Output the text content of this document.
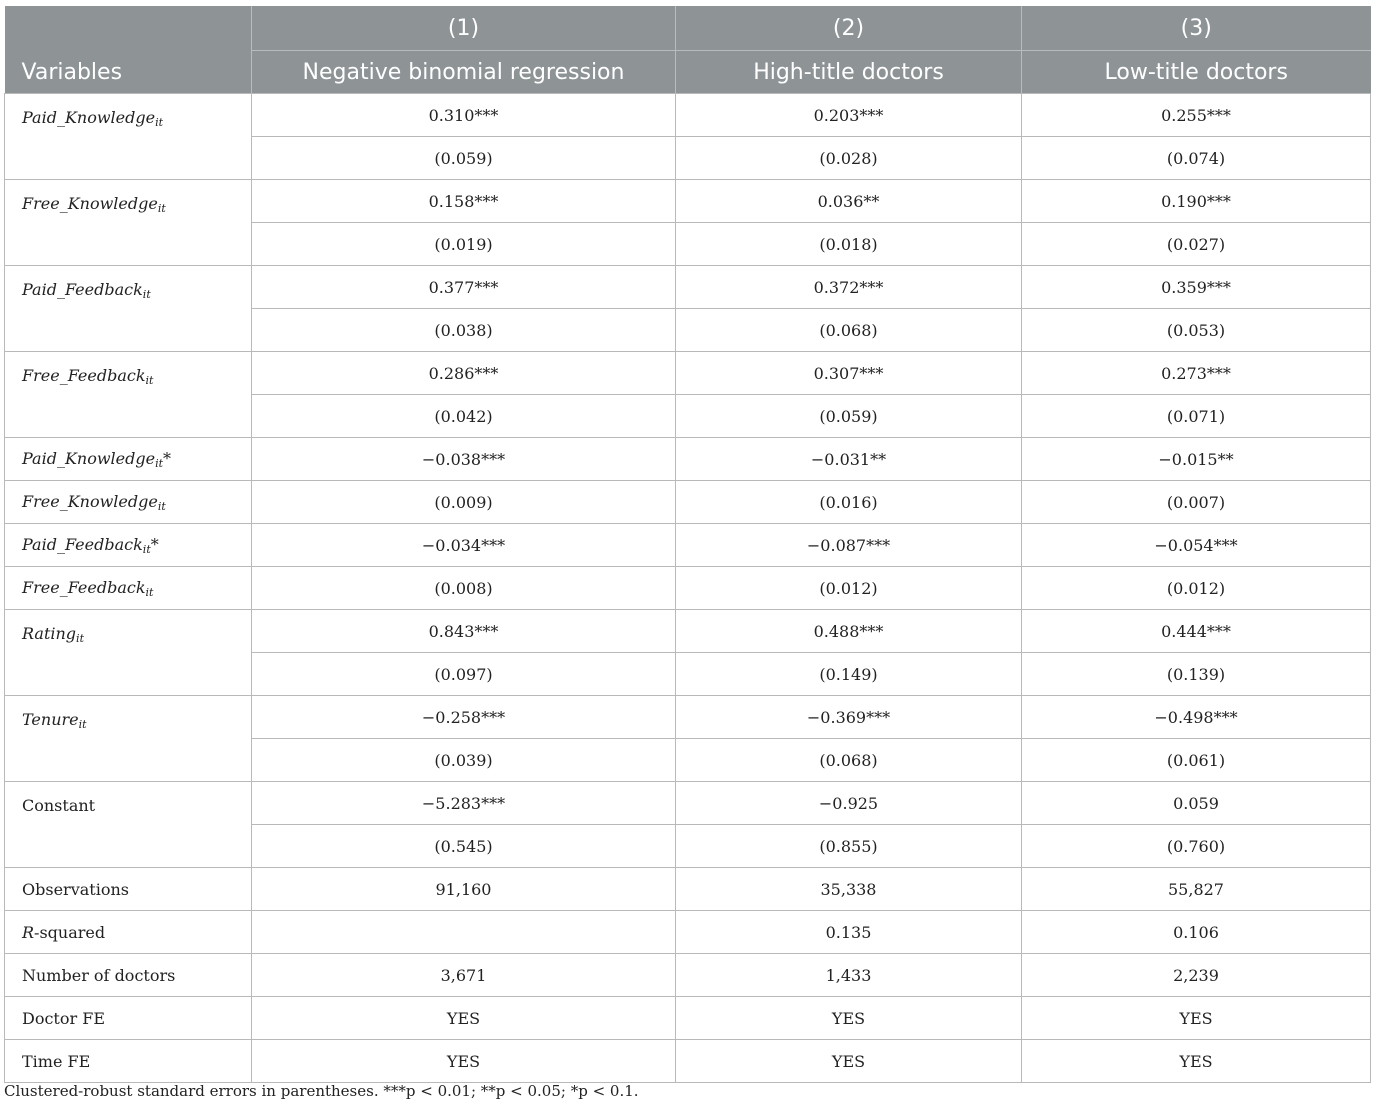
Variables	(1)	(2)	(3)
	Negative binomial regression	High-title doctors	Low-title doctors
Paid_Knowledge$_{it}$	0.310***	0.203***	0.255***
	(0.059)	(0.028)	(0.074)
Free_Knowledge$_{it}$	0.158***	0.036**	0.190***
	(0.019)	(0.018)	(0.027)
Paid_Feedback$_{it}$	0.377***	0.372***	0.359***
	(0.038)	(0.068)	(0.053)
Free_Feedback$_{it}$	0.286***	0.307***	0.273***
	(0.042)	(0.059)	(0.071)
Paid_Knowledge$_{it}$*	−0.038***	−0.031**	−0.015**
Free_Knowledge$_{it}$	(0.009)	(0.016)	(0.007)
Paid_Feedback$_{it}$*	−0.034***	−0.087***	−0.054***
Free_Feedback$_{it}$	(0.008)	(0.012)	(0.012)
Rating$_{it}$	0.843***	0.488***	0.444***
	(0.097)	(0.149)	(0.139)
Tenure$_{it}$	−0.258***	−0.369***	−0.498***
	(0.039)	(0.068)	(0.061)
Constant	−5.283***	−0.925	0.059
	(0.545)	(0.855)	(0.760)
Observations	91,160	35,338	55,827
R-squared		0.135	0.106
Number of doctors	3,671	1,433	2,239
Doctor FE	YES	YES	YES
Time FE	YES	YES	YES
Clustered-robust standard errors in parentheses. ***p < 0.01; **p < 0.05; *p < 0.1.
